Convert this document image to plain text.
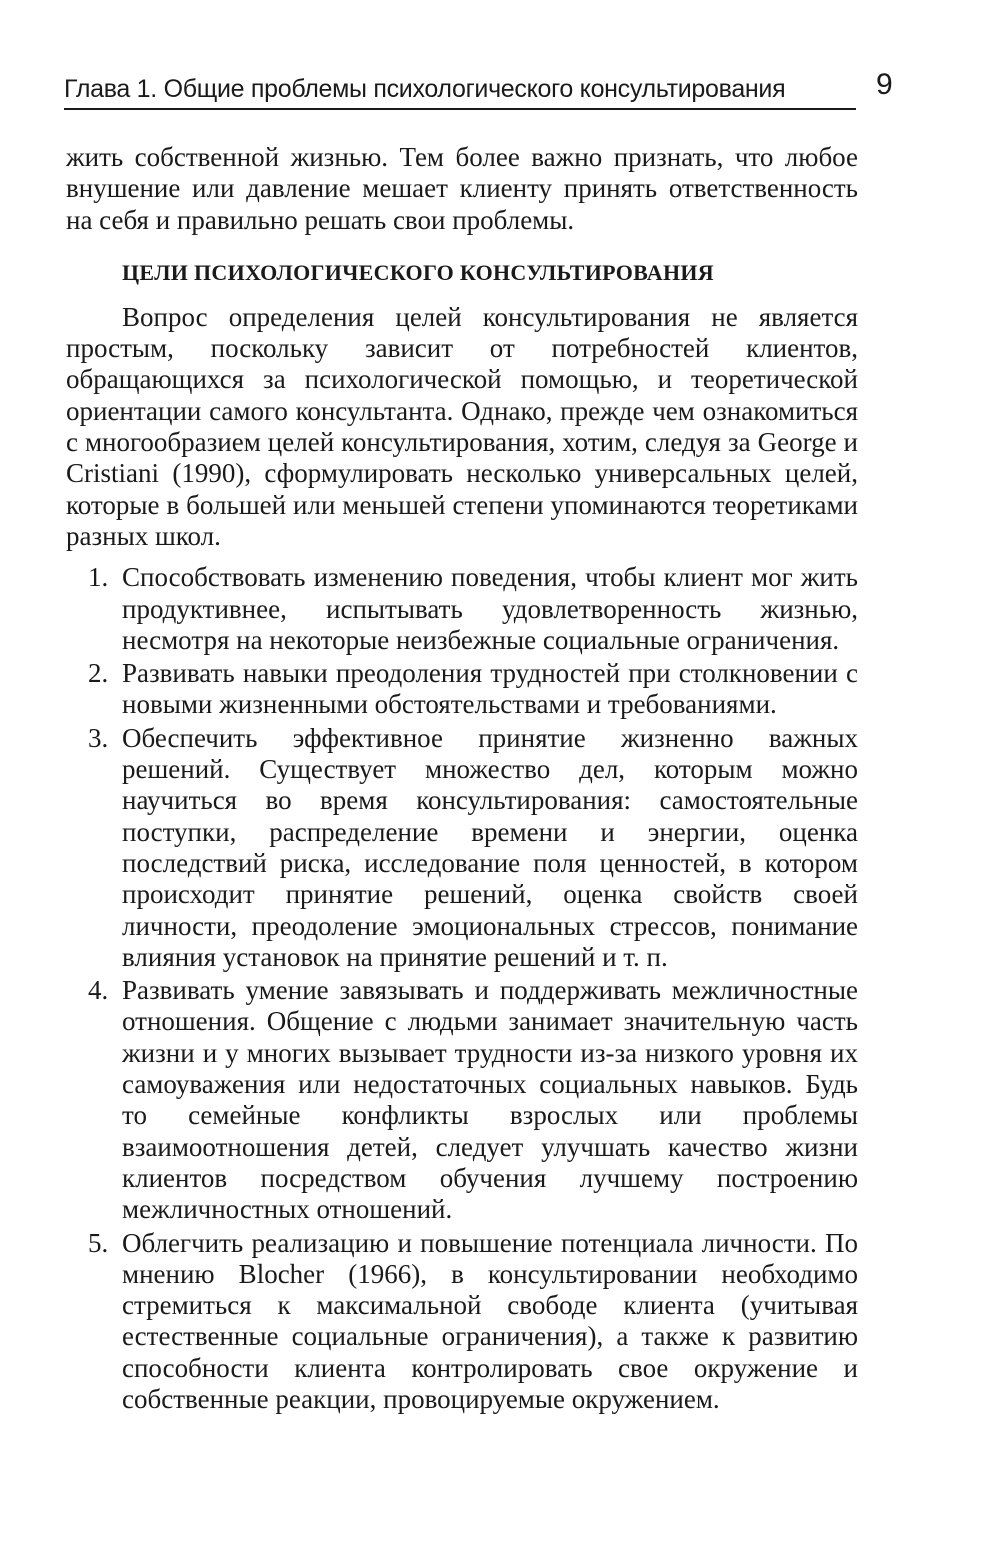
Глава 1. Общие проблемы психологического консультирования	9

жить собственной жизнью. Тем более важно признать, что любое внушение или давление мешает клиенту принять ответственность на себя и правильно решать свои проблемы.

ЦЕЛИ ПСИХОЛОГИЧЕСКОГО КОНСУЛЬТИРОВАНИЯ

Вопрос определения целей консультирования не является простым, поскольку зависит от потребностей клиентов, обращающихся за психологической помощью, и теоретической ориентации самого консультанта. Однако, прежде чем ознакомиться с многообразием целей консультирования, хотим, следуя за George и Cristiani (1990), сформулировать несколько универсальных целей, которые в большей или меньшей степени упоминаются теоретиками разных школ.

1. Способствовать изменению поведения, чтобы клиент мог жить продуктивнее, испытывать удовлетворенность жизнью, несмотря на некоторые неизбежные социальные ограничения.
2. Развивать навыки преодоления трудностей при столкновении с новыми жизненными обстоятельствами и требованиями.
3. Обеспечить эффективное принятие жизненно важных решений. Существует множество дел, которым можно научиться во время консультирования: самостоятельные поступки, распределение времени и энергии, оценка последствий риска, исследование поля ценностей, в котором происходит принятие решений, оценка свойств своей личности, преодоление эмоциональных стрессов, понимание влияния установок на принятие решений и т. п.
4. Развивать умение завязывать и поддерживать межличностные отношения. Общение с людьми занимает значительную часть жизни и у многих вызывает трудности из-за низкого уровня их самоуважения или недостаточных социальных навыков. Будь то семейные конфликты взрослых или проблемы взаимоотношения детей, следует улучшать качество жизни клиентов посредством обучения лучшему построению межличностных отношений.
5. Облегчить реализацию и повышение потенциала личности. По мнению Blocher (1966), в консультировании необходимо стремиться к максимальной свободе клиента (учитывая естественные социальные ограничения), а также к развитию способности клиента контролировать свое окружение и собственные реакции, провоцируемые окружением.
